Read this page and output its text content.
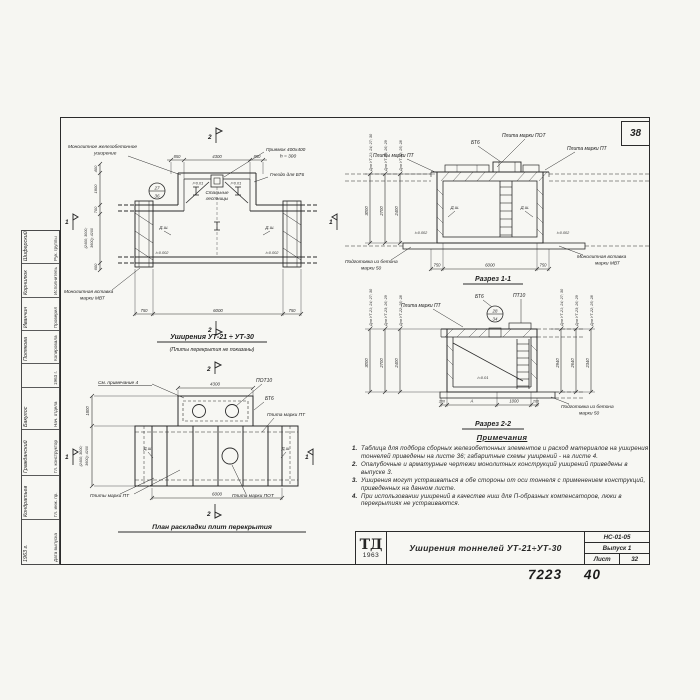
38
2
27
36
Монолитное железобетонное
уширение
Приямок 400х400
h = 300
Гнездо для БТ6
Стальные
лестницы
i=0.01	i=0.01
Д.ш.	Д.ш.
i=0.002	i=0.002
Монолитная вставка
марки МВТ
850	4300	850
400
1800
700
(2400; 3000; 3600); 4200
600
750	6000	750
2
1	1
Уширения УТ-21 ÷ УТ-30
(Плиты перекрытия не показаны)
Для УТ-21; 24; 27; 30	Для УТ-23; 26; 29	Для УТ-22; 25; 28
3000 2700 2400
Плиты марки ПТ
БТ6
Плита марки ПОТ
Плита марки ПТ
Д.ш.	Д.ш.
i=0.002	i=0.002
Подготовка из бетона
марки 50
Монолитная вставка
марки МВТ
750	6000	750
Разрез 1-1
Для УТ-21; 24; 27; 30	Для УТ-23; 26; 29	Для УТ-22; 25; 28
3000 2700 2400
Для УТ-21; 24; 27; 30	Для УТ-23; 26; 29	Для УТ-22; 25; 28
2940 2640 2340
28
34
БТ6	ПТ10
Плита марки ПТ
i=0.01
Подготовка из бетона
марки 50
200	А	1000	200
Разрез 2-2
2
4300
См. примечание 4	ПОТ10
БТ6
Плита марки ПТ
Д.ш.	Д.ш.
1800
(2400; 3000; 3600); 4200
6000
Плиты марки ПТ	Плита марки ПОТ
1	1
2
План раскладки плит перекрытия
Примечания
1. Таблица для подбора сборных железобетонных элементов и расход материалов на уширения тоннелей приведены на листе 36; габаритные схемы уширений - на листе 4.
2. Опалубочные и арматурные чертежи монолитных конструкций уширений приведены в выпуске 3.
3. Уширения могут устраиваться в обе стороны от оси тоннеля с применением конструкций, приведенных на данном листе.
4. При использовании уширений в качестве ниш для П-образных компенсаторов, люки в перекрытиях не устраиваются.
ТД
1963
Уширения тоннелей УТ-21÷УТ-30
НС-01-05
Выпуск 1
Лист	32
7223 40
1963 г.	Дата выпуска
Кондратьев	Гл. инж. пр.
Гражданский	Гл. конструктор
Бакулос	Нач. отдела
1963 г.
Полякова	Копировала
Иванчин	Проверил
Корнилюк	Исполнитель
Шиферский	Рук. группы
